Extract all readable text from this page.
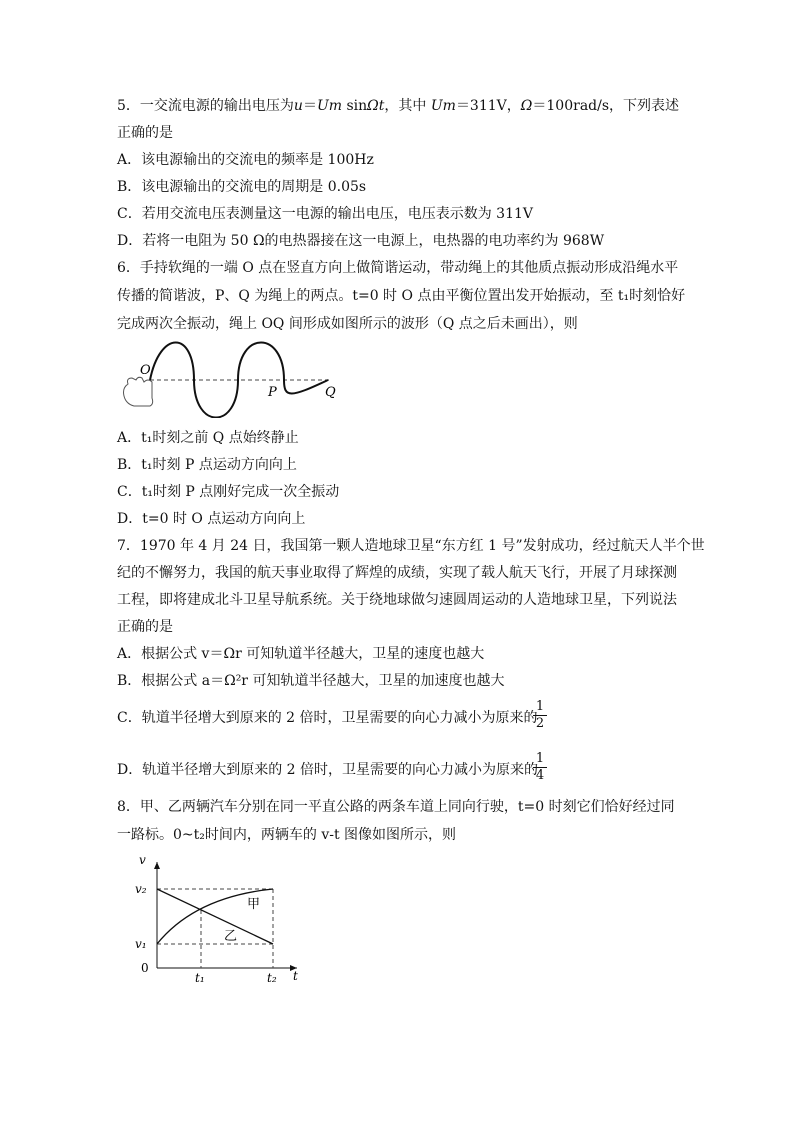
5．一交流电源的输出电压为u＝Um sinΩt，其中 Um＝311V，Ω＝100rad/s，下列表述
正确的是
A．该电源输出的交流电的频率是 100Hz
B．该电源输出的交流电的周期是 0.05s
C．若用交流电压表测量这一电源的输出电压，电压表示数为 311V
D．若将一电阻为 50 Ω的电热器接在这一电源上，电热器的电功率约为 968W
6．手持软绳的一端 O 点在竖直方向上做简谐运动，带动绳上的其他质点振动形成沿绳水平
传播的简谐波，P、Q 为绳上的两点。t=0 时 O 点由平衡位置出发开始振动，至 t₁时刻恰好
完成两次全振动，绳上 OQ 间形成如图所示的波形（Q 点之后未画出），则
O
P	Q
A．t₁时刻之前 Q 点始终静止
B．t₁时刻 P 点运动方向向上
C．t₁时刻 P 点刚好完成一次全振动
D．t=0 时 O 点运动方向向上
7．1970 年 4 月 24 日，我国第一颗人造地球卫星“东方红 1 号”发射成功，经过航天人半个世
纪的不懈努力，我国的航天事业取得了辉煌的成绩，实现了载人航天飞行，开展了月球探测
工程，即将建成北斗卫星导航系统。关于绕地球做匀速圆周运动的人造地球卫星，下列说法
正确的是
A．根据公式 v＝Ωr 可知轨道半径越大，卫星的速度也越大
B．根据公式 a＝Ω²r 可知轨道半径越大，卫星的加速度也越大
C．轨道半径增大到原来的 2 倍时，卫星需要的向心力减小为原来的
1
2
D．轨道半径增大到原来的 2 倍时，卫星需要的向心力减小为原来的
1
4
8．甲、乙两辆汽车分别在同一平直公路的两条车道上同向行驶，t=0 时刻它们恰好经过同
一路标。0~t₂时间内，两辆车的 v-t 图像如图所示，则
v
v₂
v₁
0
t₁	t₂ t
甲
乙
